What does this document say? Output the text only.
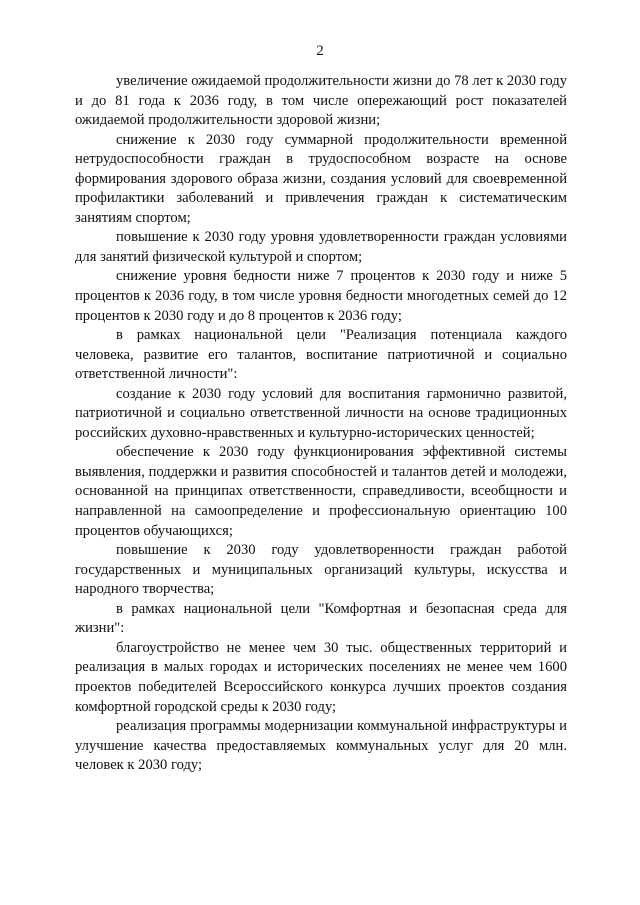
2

увеличение ожидаемой продолжительности жизни до 78 лет к 2030 году и до 81 года к 2036 году, в том числе опережающий рост показателей ожидаемой продолжительности здоровой жизни;

снижение к 2030 году суммарной продолжительности временной нетрудоспособности граждан в трудоспособном возрасте на основе формирования здорового образа жизни, создания условий для своевременной профилактики заболеваний и привлечения граждан к систематическим занятиям спортом;

повышение к 2030 году уровня удовлетворенности граждан условиями для занятий физической культурой и спортом;

снижение уровня бедности ниже 7 процентов к 2030 году и ниже 5 процентов к 2036 году, в том числе уровня бедности многодетных семей до 12 процентов к 2030 году и до 8 процентов к 2036 году;

в рамках национальной цели "Реализация потенциала каждого человека, развитие его талантов, воспитание патриотичной и социально ответственной личности":

создание к 2030 году условий для воспитания гармонично развитой, патриотичной и социально ответственной личности на основе традиционных российских духовно-нравственных и культурно-исторических ценностей;

обеспечение к 2030 году функционирования эффективной системы выявления, поддержки и развития способностей и талантов детей и молодежи, основанной на принципах ответственности, справедливости, всеобщности и направленной на самоопределение и профессиональную ориентацию 100 процентов обучающихся;

повышение к 2030 году удовлетворенности граждан работой государственных и муниципальных организаций культуры, искусства и народного творчества;

в рамках национальной цели "Комфортная и безопасная среда для жизни":

благоустройство не менее чем 30 тыс. общественных территорий и реализация в малых городах и исторических поселениях не менее чем 1600 проектов победителей Всероссийского конкурса лучших проектов создания комфортной городской среды к 2030 году;

реализация программы модернизации коммунальной инфраструктуры и улучшение качества предоставляемых коммунальных услуг для 20 млн. человек к 2030 году;
